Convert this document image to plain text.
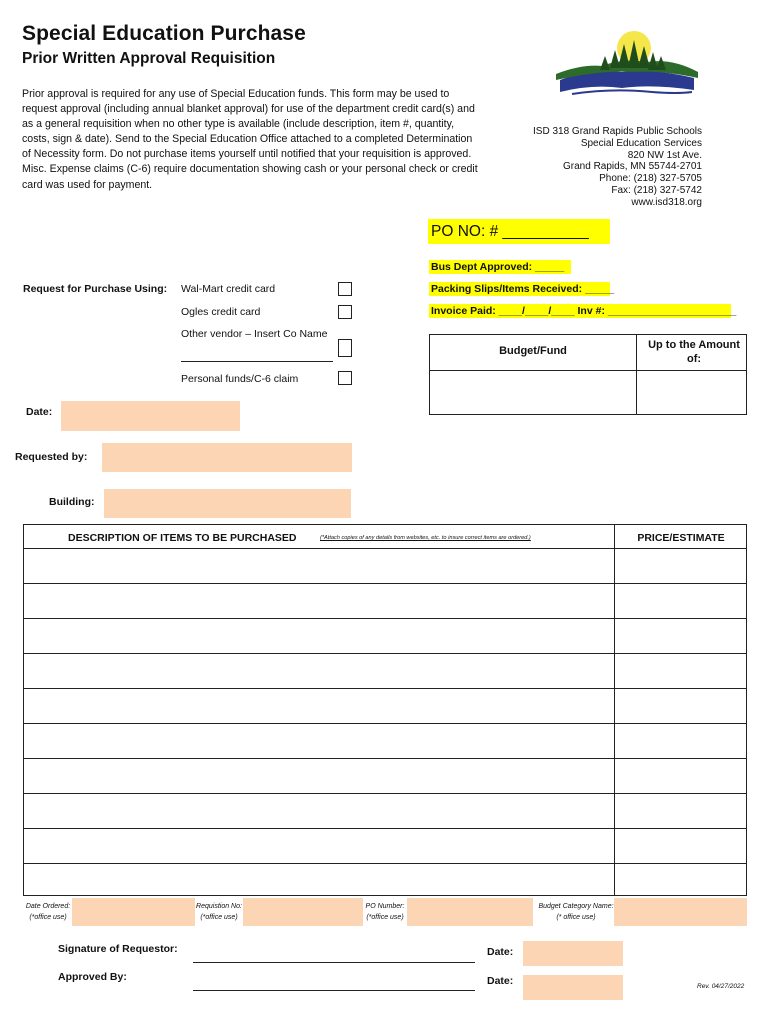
Special Education Purchase
Prior Written Approval Requisition
Prior approval is required for any use of Special Education funds. This form may be used to request approval (including annual blanket approval) for use of the department credit card(s) and as a general requisition when no other type is available (include description, item #, quantity, costs, sign & date). Send to the Special Education Office attached to a completed Determination of Necessity form. Do not purchase items yourself until notified that your requisition is approved. Misc. Expense claims (C-6) require documentation showing cash or your personal check or credit card was used for payment.
ISD 318 Grand Rapids Public Schools
Special Education Services
820 NW 1st Ave.
Grand Rapids, MN 55744-2701
Phone: (218) 327-5705
Fax: (218) 327-5742
www.isd318.org
PO NO: # __________
Bus Dept Approved: _____
Packing Slips/Items Received: _____
Invoice Paid: ____/____/____ Inv #: ______________________
Request for Purchase Using: Wal-Mart credit card
Ogles credit card
Other vendor – Insert Co Name
Personal funds/C-6 claim
Budget/Fund	Up to the Amount of:
Date:
Requested by:
Building:
DESCRIPTION OF ITEMS TO BE PURCHASED	(*Attach copies of any details from websites, etc. to insure correct items are ordered.)	PRICE/ESTIMATE
Date Ordered:
(*office use)
Requistion No:
(*office use)
PO Number:
(*office use)
Budget Category Name:
(* office use)
Signature of Requestor:	Date:
Approved By:	Date:	Rev. 04/27/2022
